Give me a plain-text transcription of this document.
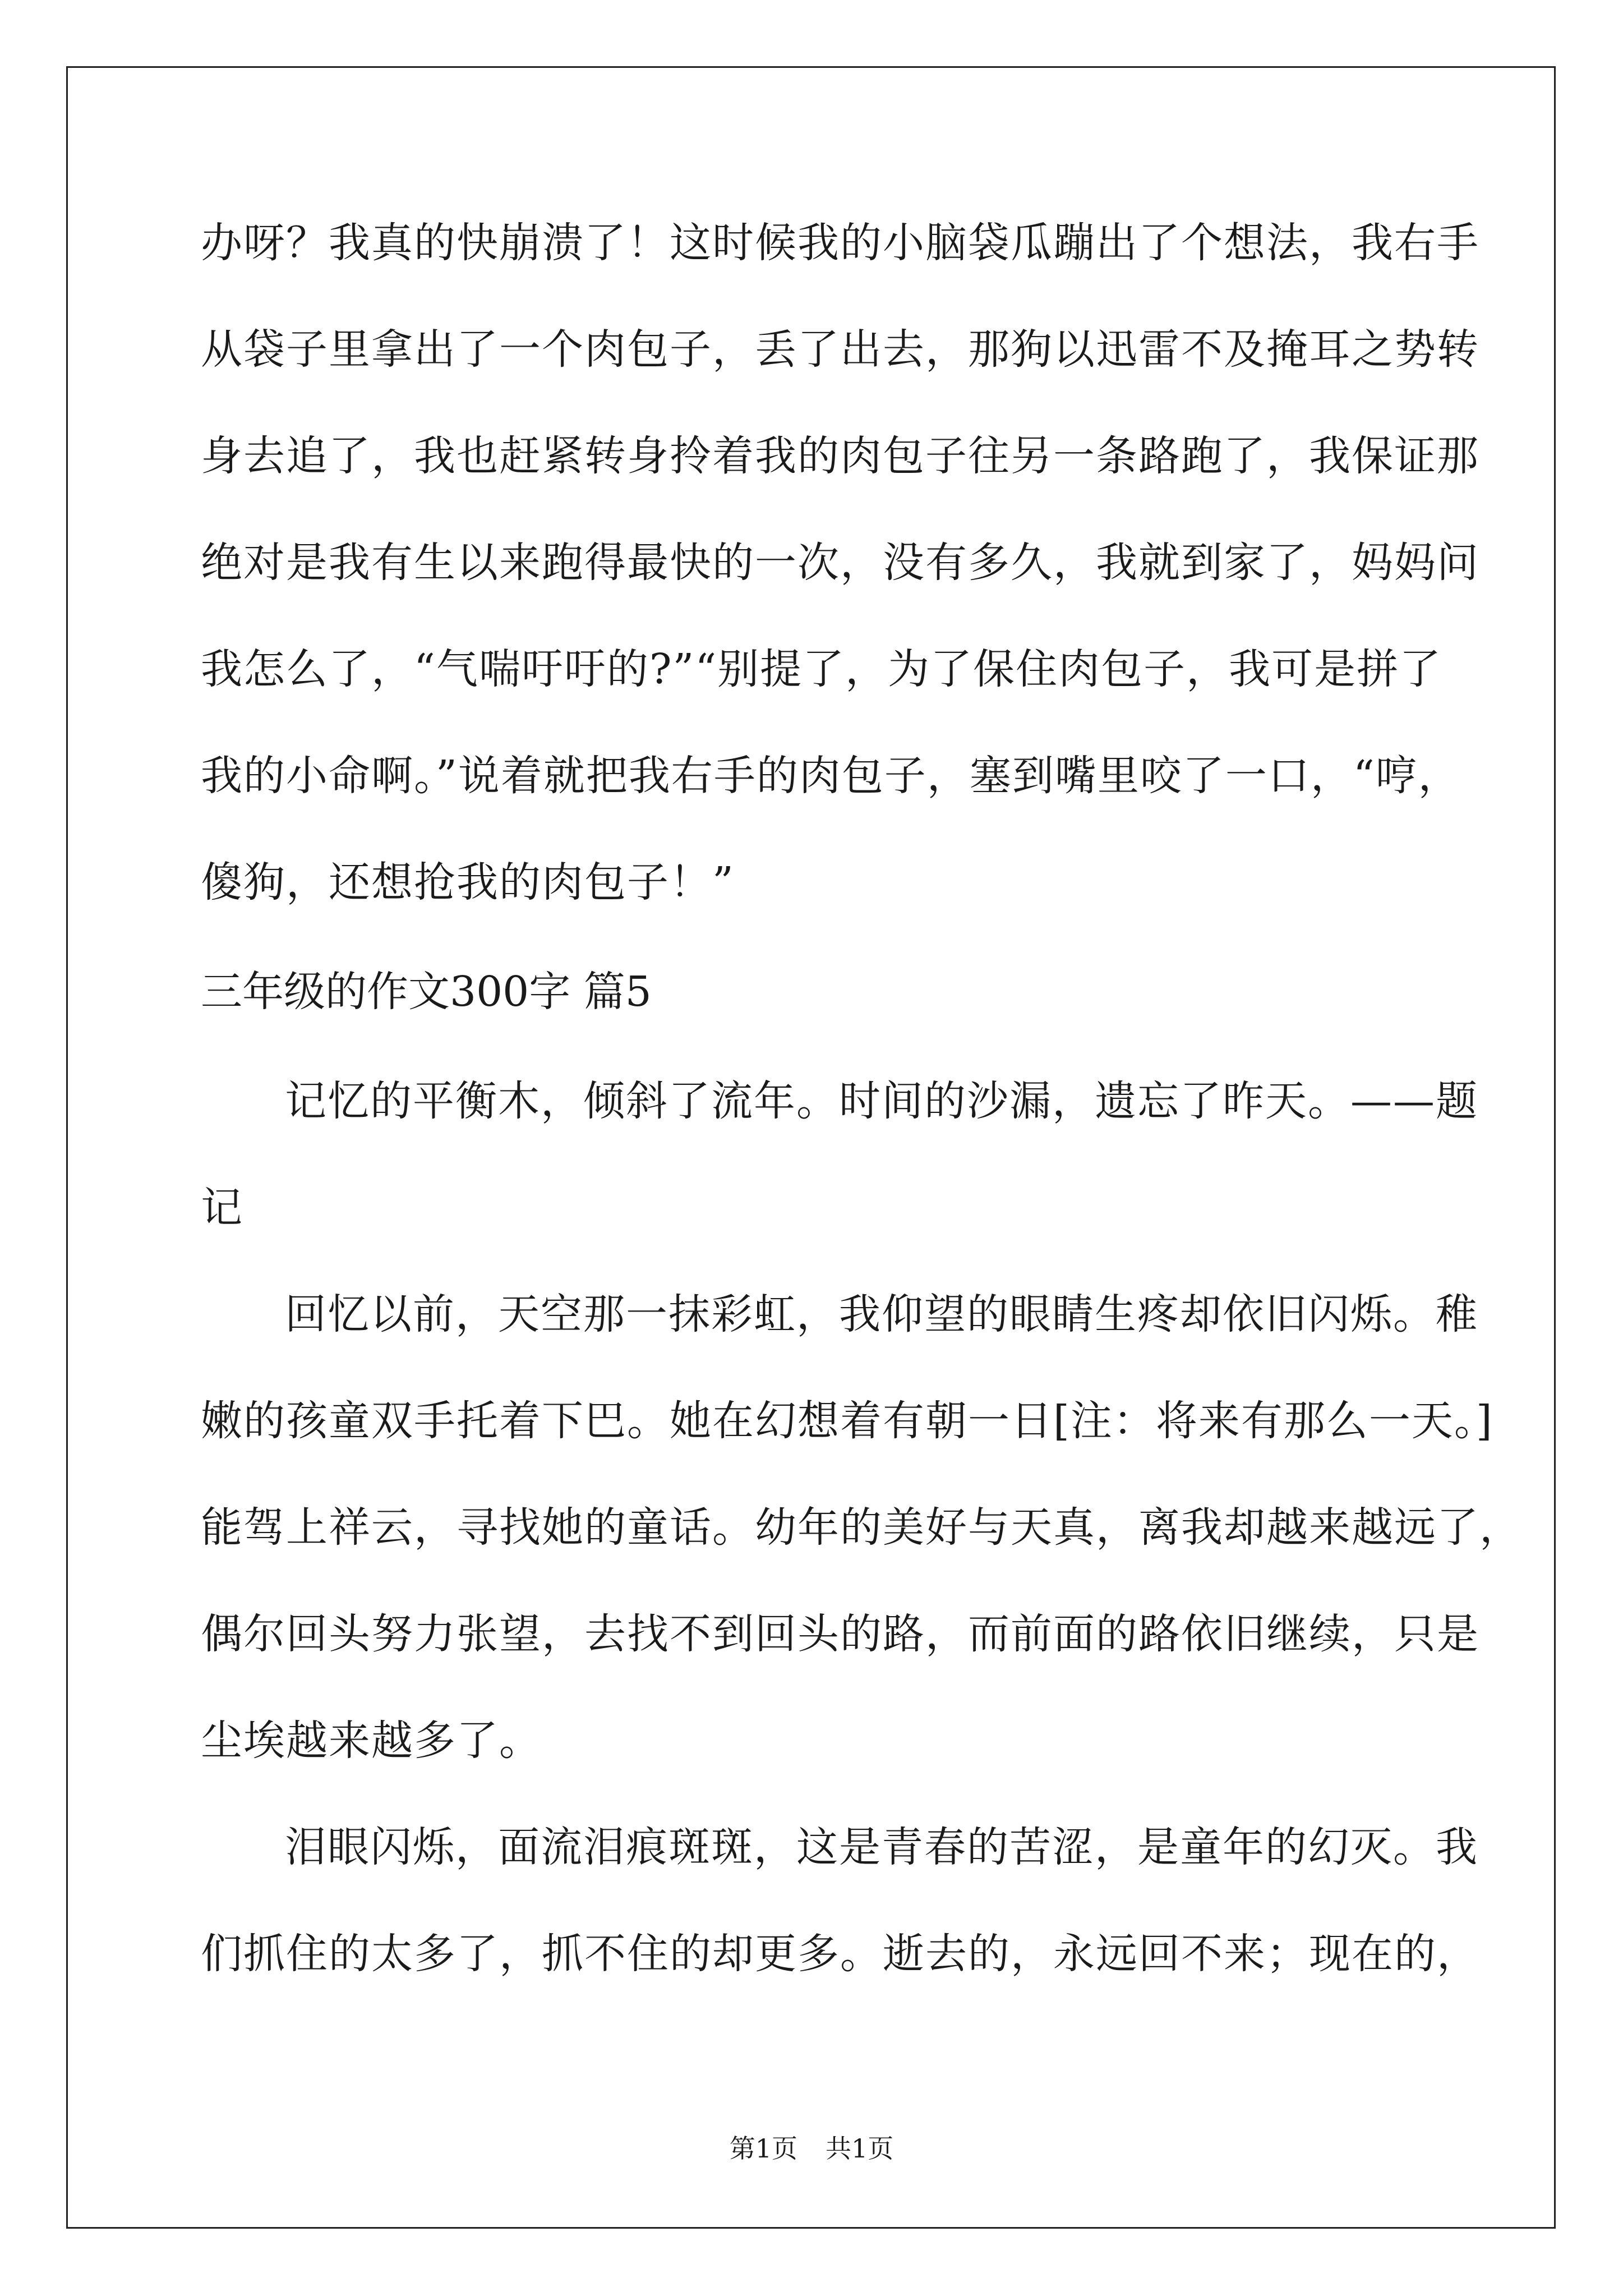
办呀？我真的快崩溃了！这时候我的小脑袋瓜蹦出了个想法，我右手
从袋子里拿出了一个肉包子，丢了出去，那狗以迅雷不及掩耳之势转
身去追了，我也赶紧转身拎着我的肉包子往另一条路跑了，我保证那
绝对是我有生以来跑得最快的一次，没有多久，我就到家了，妈妈问
我怎么了，“气喘吁吁的?”“别提了，为了保住肉包子，我可是拼了
我的小命啊。”说着就把我右手的肉包子，塞到嘴里咬了一口，“哼，
傻狗，还想抢我的肉包子！”
三年级的作文300字 篇5
记忆的平衡木，倾斜了流年。时间的沙漏，遗忘了昨天。——题
记
回忆以前，天空那一抹彩虹，我仰望的眼睛生疼却依旧闪烁。稚
嫩的孩童双手托着下巴。她在幻想着有朝一日[注：将来有那么一天。]
能驾上祥云，寻找她的童话。幼年的美好与天真，离我却越来越远了，
偶尔回头努力张望，去找不到回头的路，而前面的路依旧继续，只是
尘埃越来越多了。
泪眼闪烁，面流泪痕斑斑，这是青春的苦涩，是童年的幻灭。我
们抓住的太多了，抓不住的却更多。逝去的，永远回不来；现在的，
第1页 共1页
